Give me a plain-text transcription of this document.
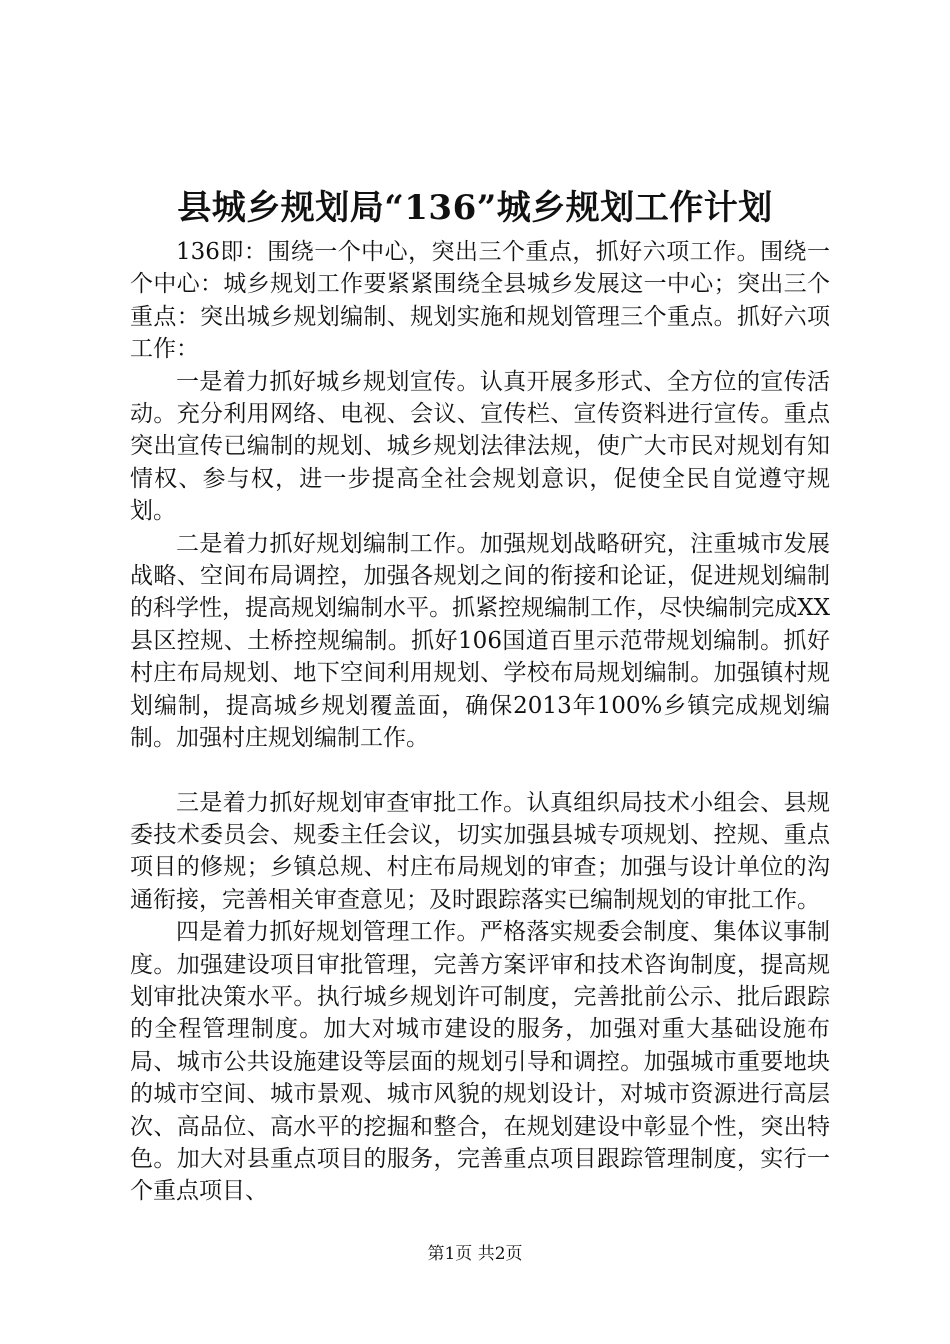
县城乡规划局“136”城乡规划工作计划

136即：围绕一个中心，突出三个重点，抓好六项工作。围绕一个中心：城乡规划工作要紧紧围绕全县城乡发展这一中心；突出三个重点：突出城乡规划编制、规划实施和规划管理三个重点。抓好六项工作：

一是着力抓好城乡规划宣传。认真开展多形式、全方位的宣传活动。充分利用网络、电视、会议、宣传栏、宣传资料进行宣传。重点突出宣传已编制的规划、城乡规划法律法规，使广大市民对规划有知情权、参与权，进一步提高全社会规划意识，促使全民自觉遵守规划。

二是着力抓好规划编制工作。加强规划战略研究，注重城市发展战略、空间布局调控，加强各规划之间的衔接和论证，促进规划编制的科学性，提高规划编制水平。抓紧控规编制工作，尽快编制完成XX县区控规、土桥控规编制。抓好106国道百里示范带规划编制。抓好村庄布局规划、地下空间利用规划、学校布局规划编制。加强镇村规划编制，提高城乡规划覆盖面，确保2013年100%乡镇完成规划编制。加强村庄规划编制工作。

三是着力抓好规划审查审批工作。认真组织局技术小组会、县规委技术委员会、规委主任会议，切实加强县城专项规划、控规、重点项目的修规；乡镇总规、村庄布局规划的审查；加强与设计单位的沟通衔接，完善相关审查意见；及时跟踪落实已编制规划的审批工作。

四是着力抓好规划管理工作。严格落实规委会制度、集体议事制度。加强建设项目审批管理，完善方案评审和技术咨询制度，提高规划审批决策水平。执行城乡规划许可制度，完善批前公示、批后跟踪的全程管理制度。加大对城市建设的服务，加强对重大基础设施布局、城市公共设施建设等层面的规划引导和调控。加强城市重要地块的城市空间、城市景观、城市风貌的规划设计，对城市资源进行高层次、高品位、高水平的挖掘和整合，在规划建设中彰显个性，突出特色。加大对县重点项目的服务，完善重点项目跟踪管理制度，实行一个重点项目、

第1页 共2页
